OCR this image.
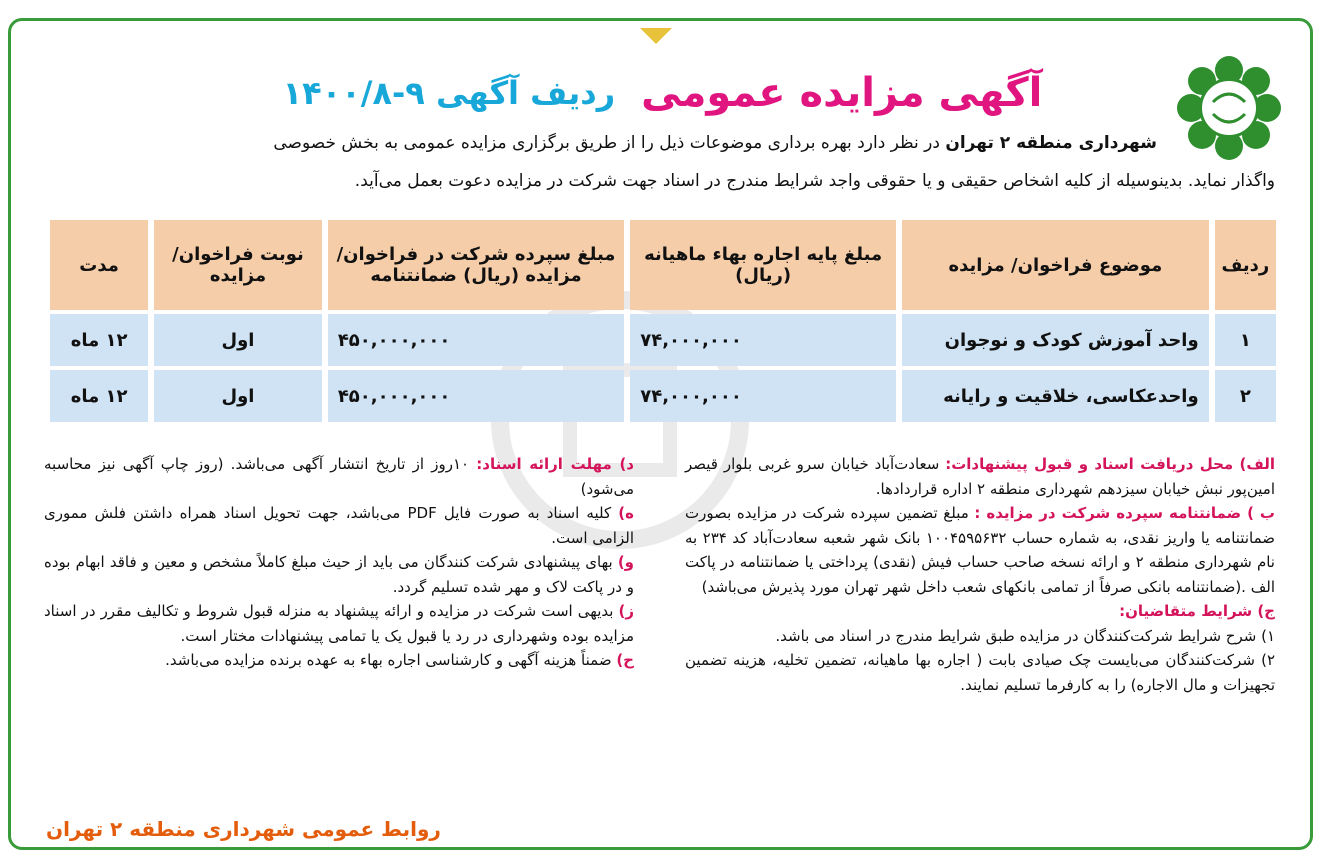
آگهی مزایده عمومی
ردیف آگهی ۹-۱۴۰۰/۸
شهرداری منطقه ۲ تهران در نظر دارد بهره برداری موضوعات ذیل را از طریق برگزاری مزایده عمومی به بخش خصوصی
واگذار نماید. بدینوسیله از کلیه اشخاص حقیقی و یا حقوقی واجد شرایط مندرج در اسناد جهت شرکت در مزایده دعوت بعمل می‌آید.
ردیف	موضوع فراخوان/ مزایده	مبلغ پایه اجاره بهاء ماهیانه (ریال)	مبلغ سپرده شرکت در فراخوان/ مزایده (ریال) ضمانتنامه	نوبت فراخوان/ مزایده	مدت
۱	واحد آموزش کودک و نوجوان	۷۴,۰۰۰,۰۰۰	۴۵۰,۰۰۰,۰۰۰	اول	۱۲ ماه
۲	واحدعکاسی، خلاقیت و رایانه	۷۴,۰۰۰,۰۰۰	۴۵۰,۰۰۰,۰۰۰	اول	۱۲ ماه

الف) محل دریافت اسناد و قبول پیشنهادات: سعادت‌آباد خیابان سرو غربی بلوار قیصر امین‌پور نبش خیابان سیزدهم شهرداری منطقه ۲ اداره قراردادها.

ب ) ضمانتنامه سپرده شرکت در مزایده : مبلغ تضمین سپرده شرکت در مزایده بصورت ضمانتنامه یا واریز نقدی، به شماره حساب ۱۰۰۴۵۹۵۶۳۲ بانک شهر شعبه سعادت‌آباد کد ۲۳۴ به نام شهرداری منطقه ۲ و ارائه نسخه صاحب حساب فیش (نقدی) پرداختی یا ضمانتنامه در پاکت الف .(ضمانتنامه بانکی صرفاً از تمامی بانکهای شعب داخل شهر تهران مورد پذیرش می‌باشد)

ج) شرایط متقاضیان:

۱) شرح شرایط شرکت‌کنندگان در مزایده طبق شرایط مندرج در اسناد می باشد.

۲) شرکت‌کنندگان می‌بایست چک صیادی بابت ( اجاره بها ماهیانه، تضمین تخلیه، هزینه تضمین تجهیزات و مال الاجاره) را به کارفرما تسلیم نمایند.

د) مهلت ارائه اسناد: ۱۰روز از تاریخ انتشار آگهی می‌باشد. (روز چاپ آگهی نیز محاسبه می‌شود)

ه) کلیه اسناد به صورت فایل PDF می‌باشد، جهت تحویل اسناد همراه داشتن فلش مموری الزامی است.

و) بهای پیشنهادی شرکت کنندگان می باید از حیث مبلغ کاملاً مشخص و معین و فاقد ابهام بوده و در پاکت لاک و مهر شده تسلیم گردد.

ز) بدیهی است شرکت در مزایده و ارائه پیشنهاد به منزله قبول شروط و تکالیف مقرر در اسناد مزایده بوده وشهرداری در رد یا قبول یک یا تمامی پیشنهادات مختار است.

ح) ضمناً هزینه آگهی و کارشناسی اجاره بهاء به عهده برنده مزایده می‌باشد.

روابط عمومی شهرداری منطقه ۲ تهران
